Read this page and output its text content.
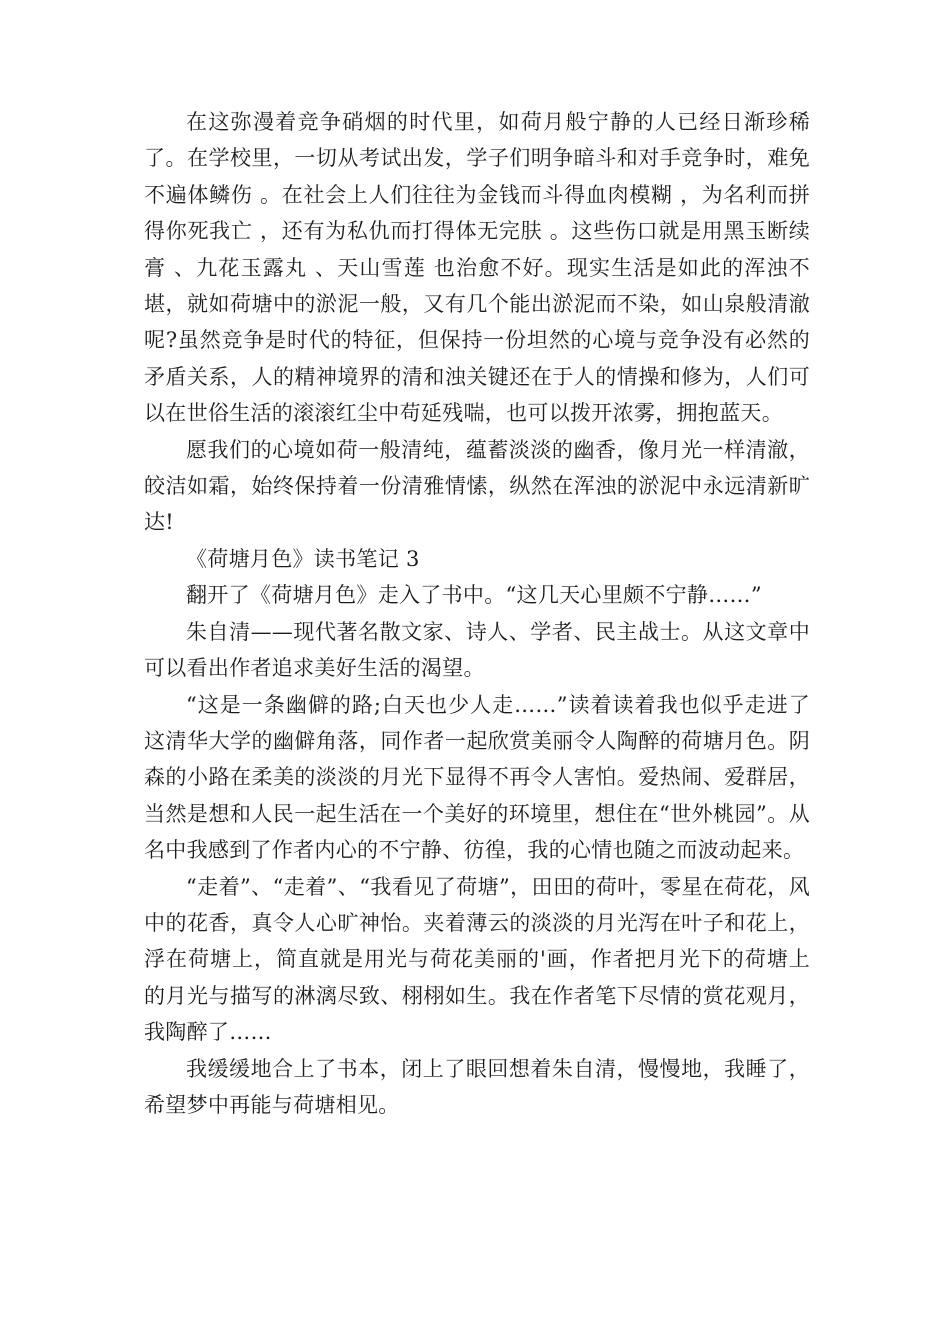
在这弥漫着竞争硝烟的时代里，如荷月般宁静的人已经日渐珍稀了。在学校里，一切从考试出发，学子们明争暗斗和对手竞争时，难免不遍体鳞伤 。在社会上人们往往为金钱而斗得血肉模糊 ，为名利而拼得你死我亡 ，还有为私仇而打得体无完肤 。这些伤口就是用黑玉断续膏 、九花玉露丸 、天山雪莲 也治愈不好。现实生活是如此的浑浊不堪，就如荷塘中的淤泥一般，又有几个能出淤泥而不染，如山泉般清澈呢?虽然竞争是时代的特征，但保持一份坦然的心境与竞争没有必然的矛盾关系，人的精神境界的清和浊关键还在于人的情操和修为，人们可以在世俗生活的滚滚红尘中苟延残喘，也可以拨开浓雾，拥抱蓝天。

愿我们的心境如荷一般清纯，蕴蓄淡淡的幽香，像月光一样清澈，皎洁如霜，始终保持着一份清雅情愫，纵然在浑浊的淤泥中永远清新旷达!

《荷塘月色》读书笔记 3

翻开了《荷塘月色》走入了书中。“这几天心里颇不宁静……”

朱自清——现代著名散文家、诗人、学者、民主战士。从这文章中可以看出作者追求美好生活的渴望。

“这是一条幽僻的路;白天也少人走……”读着读着我也似乎走进了这清华大学的幽僻角落，同作者一起欣赏美丽令人陶醉的荷塘月色。阴森的小路在柔美的淡淡的月光下显得不再令人害怕。爱热闹、爱群居，当然是想和人民一起生活在一个美好的环境里，想住在“世外桃园”。从名中我感到了作者内心的不宁静、彷徨，我的心情也随之而波动起来。

“走着”、“走着”、“我看见了荷塘”，田田的荷叶，零星在荷花，风中的花香，真令人心旷神怡。夹着薄云的淡淡的月光泻在叶子和花上，浮在荷塘上，简直就是用光与荷花美丽的'画，作者把月光下的荷塘上的月光与描写的淋漓尽致、栩栩如生。我在作者笔下尽情的赏花观月，我陶醉了……

我缓缓地合上了书本，闭上了眼回想着朱自清，慢慢地，我睡了，希望梦中再能与荷塘相见。
